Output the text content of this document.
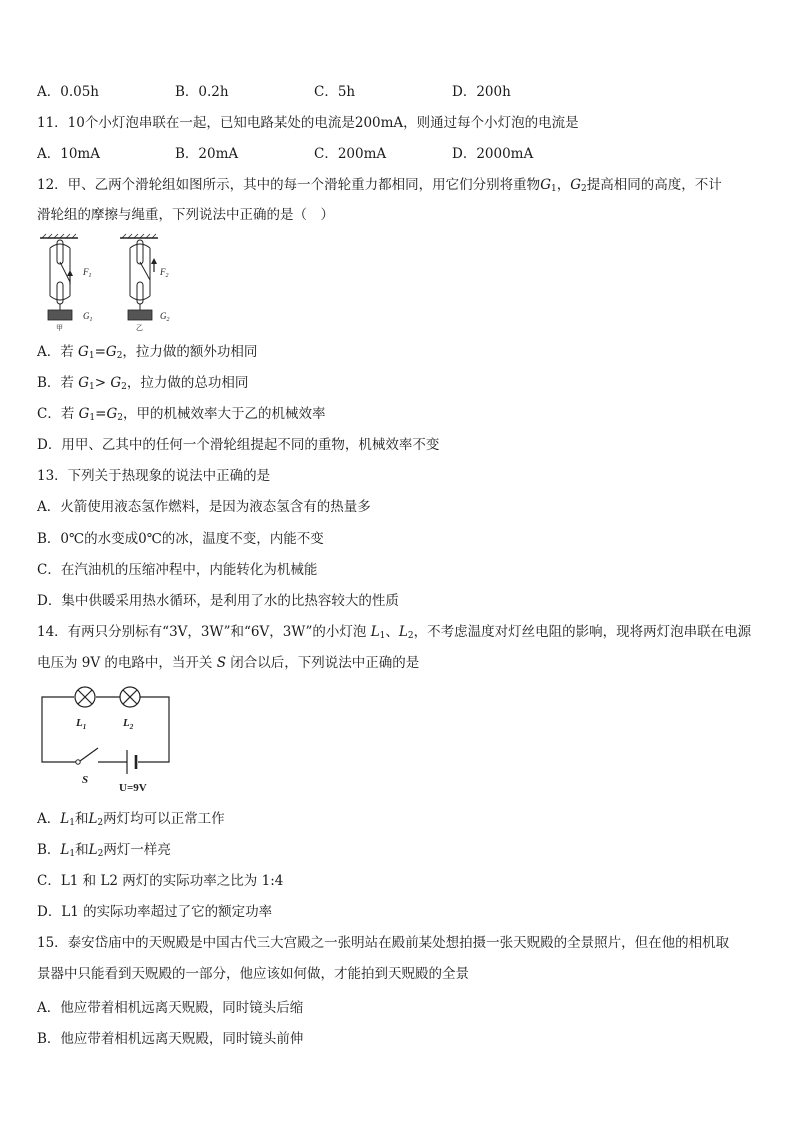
A．0.05h	B．0.2h	C．5h	D．200h
11．10个小灯泡串联在一起，已知电路某处的电流是200mA，则通过每个小灯泡的电流是
A．10mA	B．20mA	C．200mA	D．2000mA
12．甲、乙两个滑轮组如图所示，其中的每一个滑轮重力都相同，用它们分别将重物$G_1$，$G_2$提高相同的高度，不计
滑轮组的摩擦与绳重，下列说法中正确的是（　）
$F_1$
$G_1$
甲
$F_2$
$G_2$
乙
A．若 $G_1=G_2$，拉力做的额外功相同
B．若 $G_1> G_2$，拉力做的总功相同
C．若 $G_1=G_2$，甲的机械效率大于乙的机械效率
D．用甲、乙其中的任何一个滑轮组提起不同的重物，机械效率不变
13．下列关于热现象的说法中正确的是
A．火箭使用液态氢作燃料，是因为液态氢含有的热量多
B．0℃的水变成0℃的冰，温度不变，内能不变
C．在汽油机的压缩冲程中，内能转化为机械能
D．集中供暖采用热水循环，是利用了水的比热容较大的性质
14．有两只分别标有“3V，3W”和“6V，3W”的小灯泡 $L_1$、$L_2$，不考虑温度对灯丝电阻的影响，现将两灯泡串联在电源
电压为 9V 的电路中，当开关 S 闭合以后，下列说法中正确的是
$L_1$	$L_2$
S
U=9V
A．$L_1$和$L_2$两灯均可以正常工作
B．$L_1$和$L_2$两灯一样亮
C．L1 和 L2 两灯的实际功率之比为 1:4
D．L1 的实际功率超过了它的额定功率
15．泰安岱庙中的天贶殿是中国古代三大宫殿之一张明站在殿前某处想拍摄一张天贶殿的全景照片，但在他的相机取
景器中只能看到天贶殿的一部分，他应该如何做，才能拍到天贶殿的全景
A．他应带着相机远离天贶殿，同时镜头后缩
B．他应带着相机远离天贶殿，同时镜头前伸
